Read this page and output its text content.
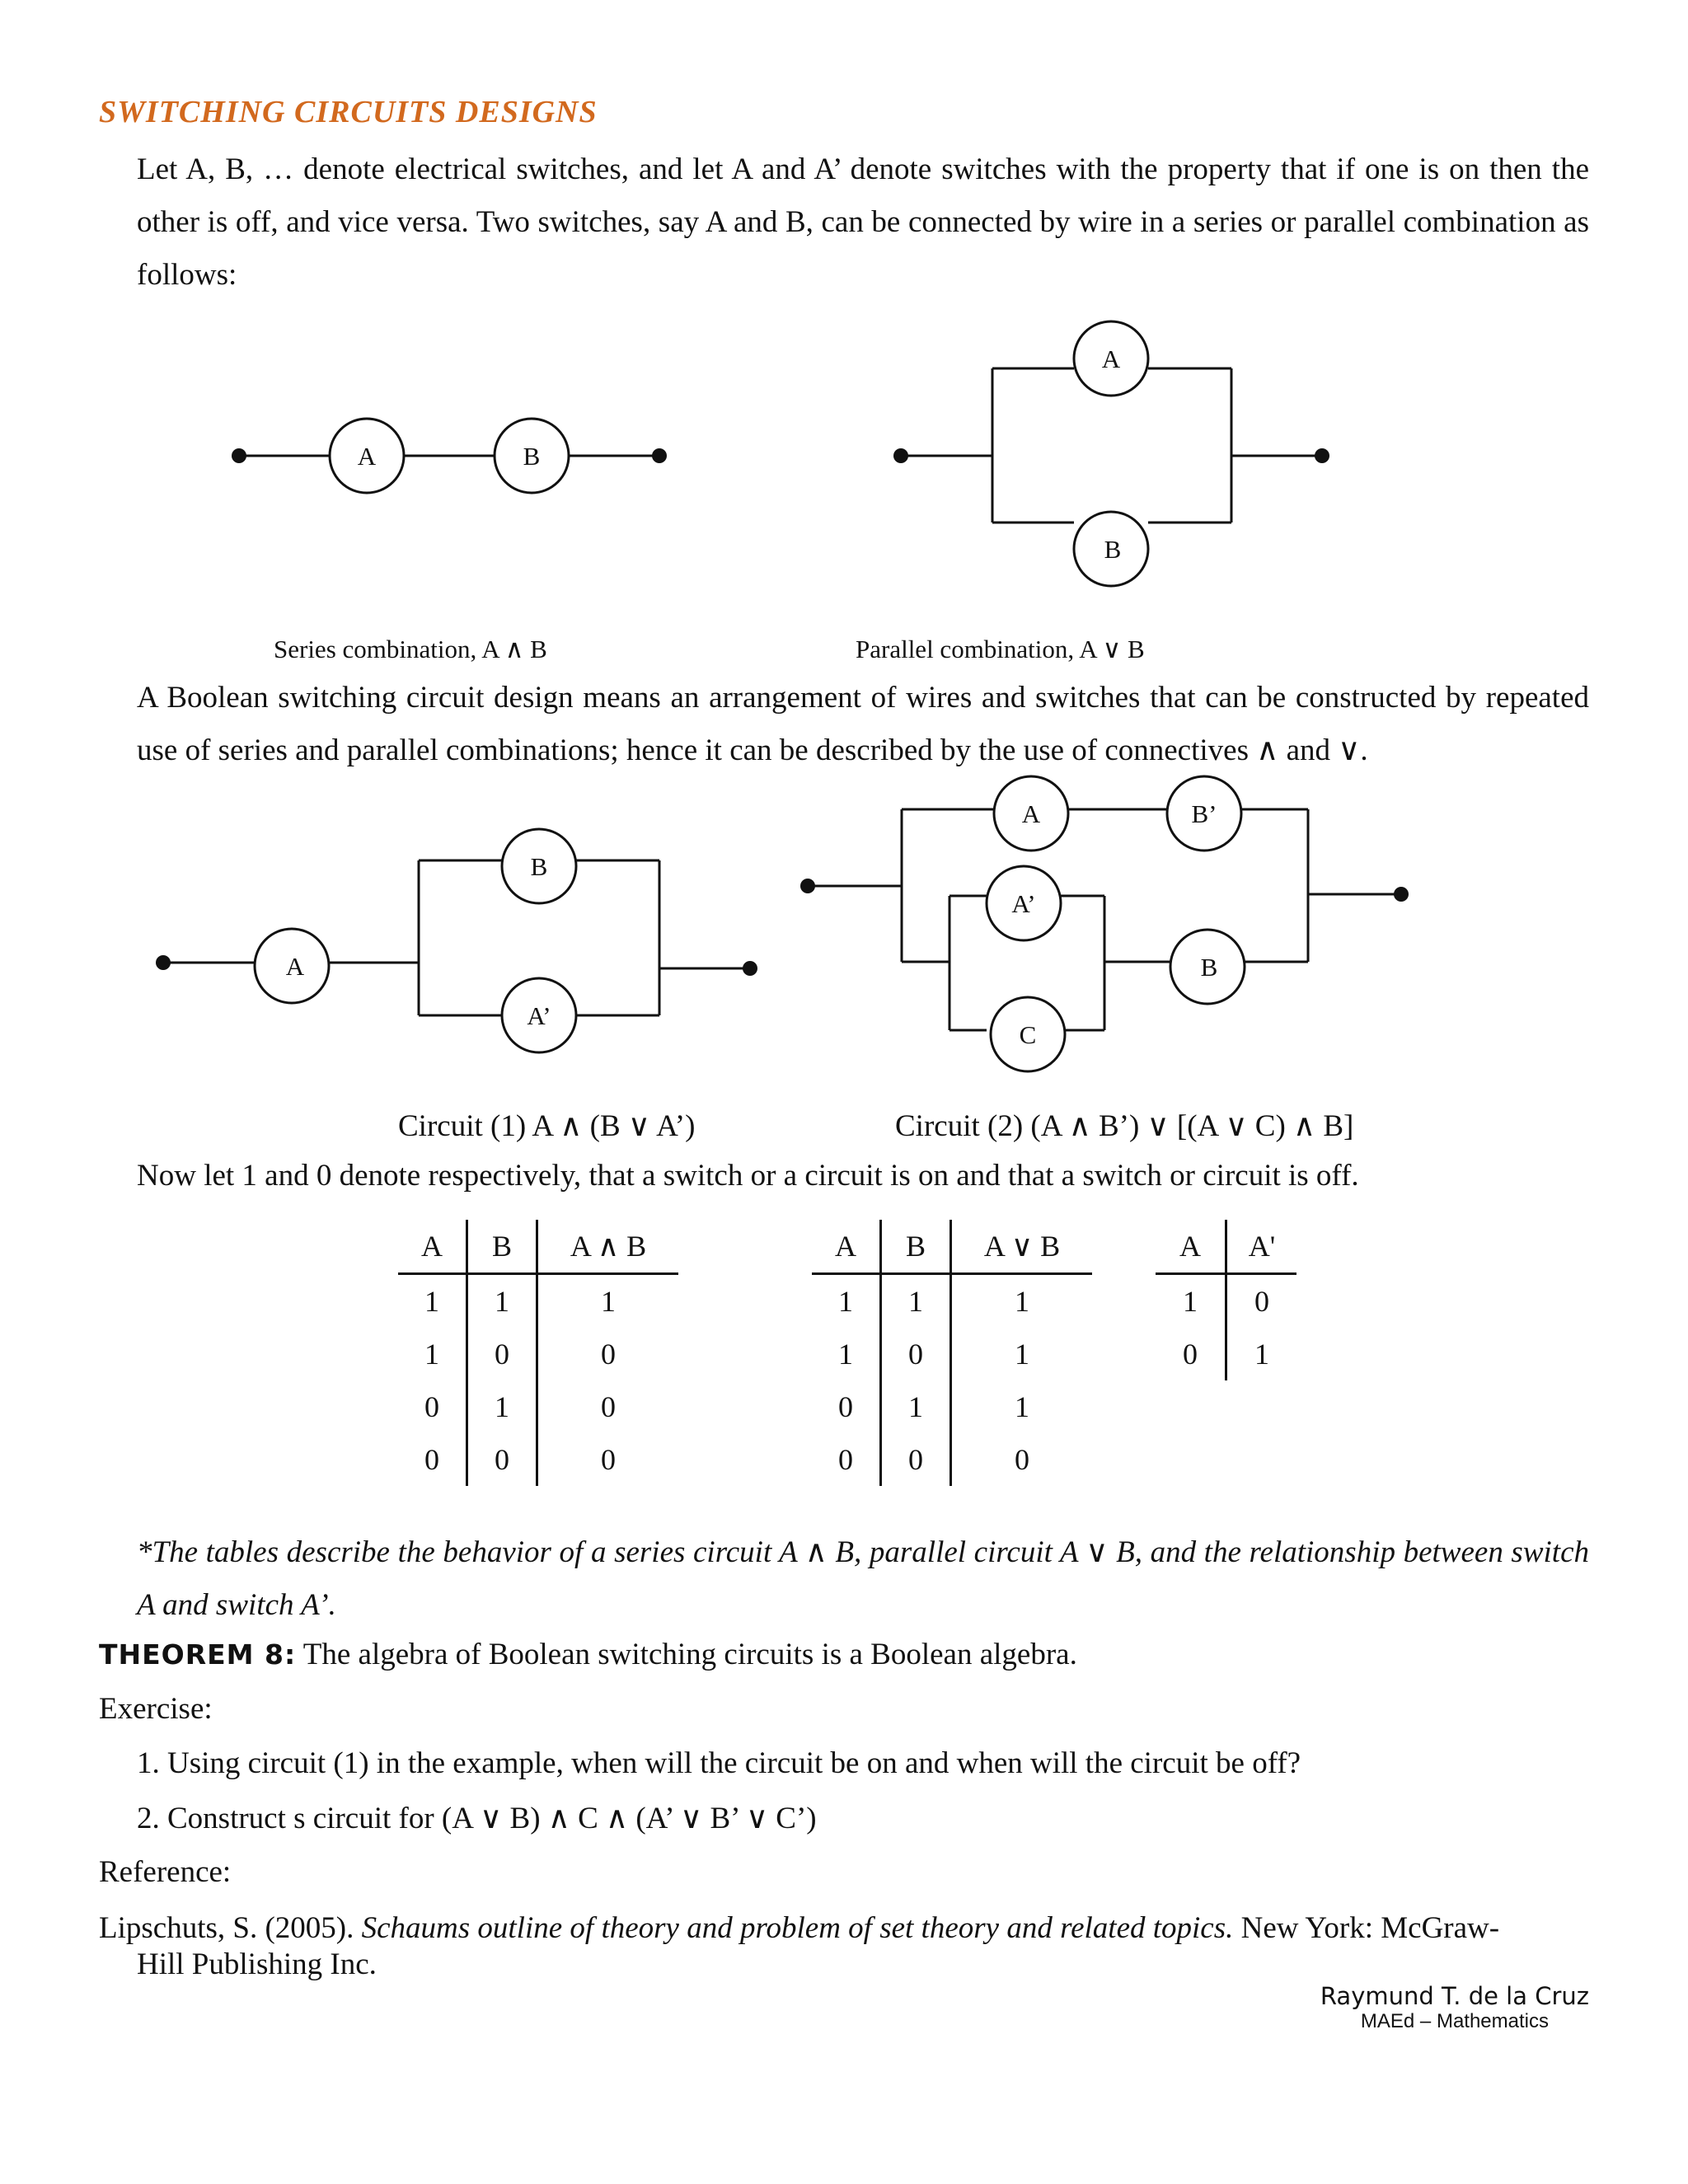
SWITCHING CIRCUITS DESIGNS
Let A, B, … denote electrical switches, and let A and A’ denote switches with the property that if one is on then the other is off, and vice versa. Two switches, say A and B, can be connected by wire in a series or parallel combination as follows:
A	B
A
B
A
B
A’
A	B’
A’
C
B
Series combination, A ∧ B	Parallel combination, A ∨ B
Circuit (1) A ∧ (B ∨ A’)	Circuit (2) (A ∧ B’) ∨ [(A ∨ C) ∧ B]
A Boolean switching circuit design means an arrangement of wires and switches that can be constructed by repeated use of series and parallel combinations; hence it can be described by the use of connectives ∧ and ∨.
Now let 1 and 0 denote respectively, that a switch or a circuit is on and that a switch or circuit is off.
A	B	A ∧ B
1	1	1
1	0	0
0	1	0
0	0	0
A	B	A ∨ B
1	1	1
1	0	1
0	1	1
0	0	0
A	A'
1	0
0	1
*The tables describe the behavior of a series circuit A ∧ B, parallel circuit A ∨ B, and the relationship between switch A and switch A’.
THEOREM 8: The algebra of Boolean switching circuits is a Boolean algebra.
Exercise:
1. Using circuit (1) in the example, when will the circuit be on and when will the circuit be off?
2. Construct s circuit for (A ∨ B) ∧ C ∧ (A’ ∨ B’ ∨ C’)
Reference:
Lipschuts, S. (2005). Schaums outline of theory and problem of set theory and related topics. New York: McGraw-
Hill Publishing Inc.
Raymund T. de la Cruz
MAEd – Mathematics
